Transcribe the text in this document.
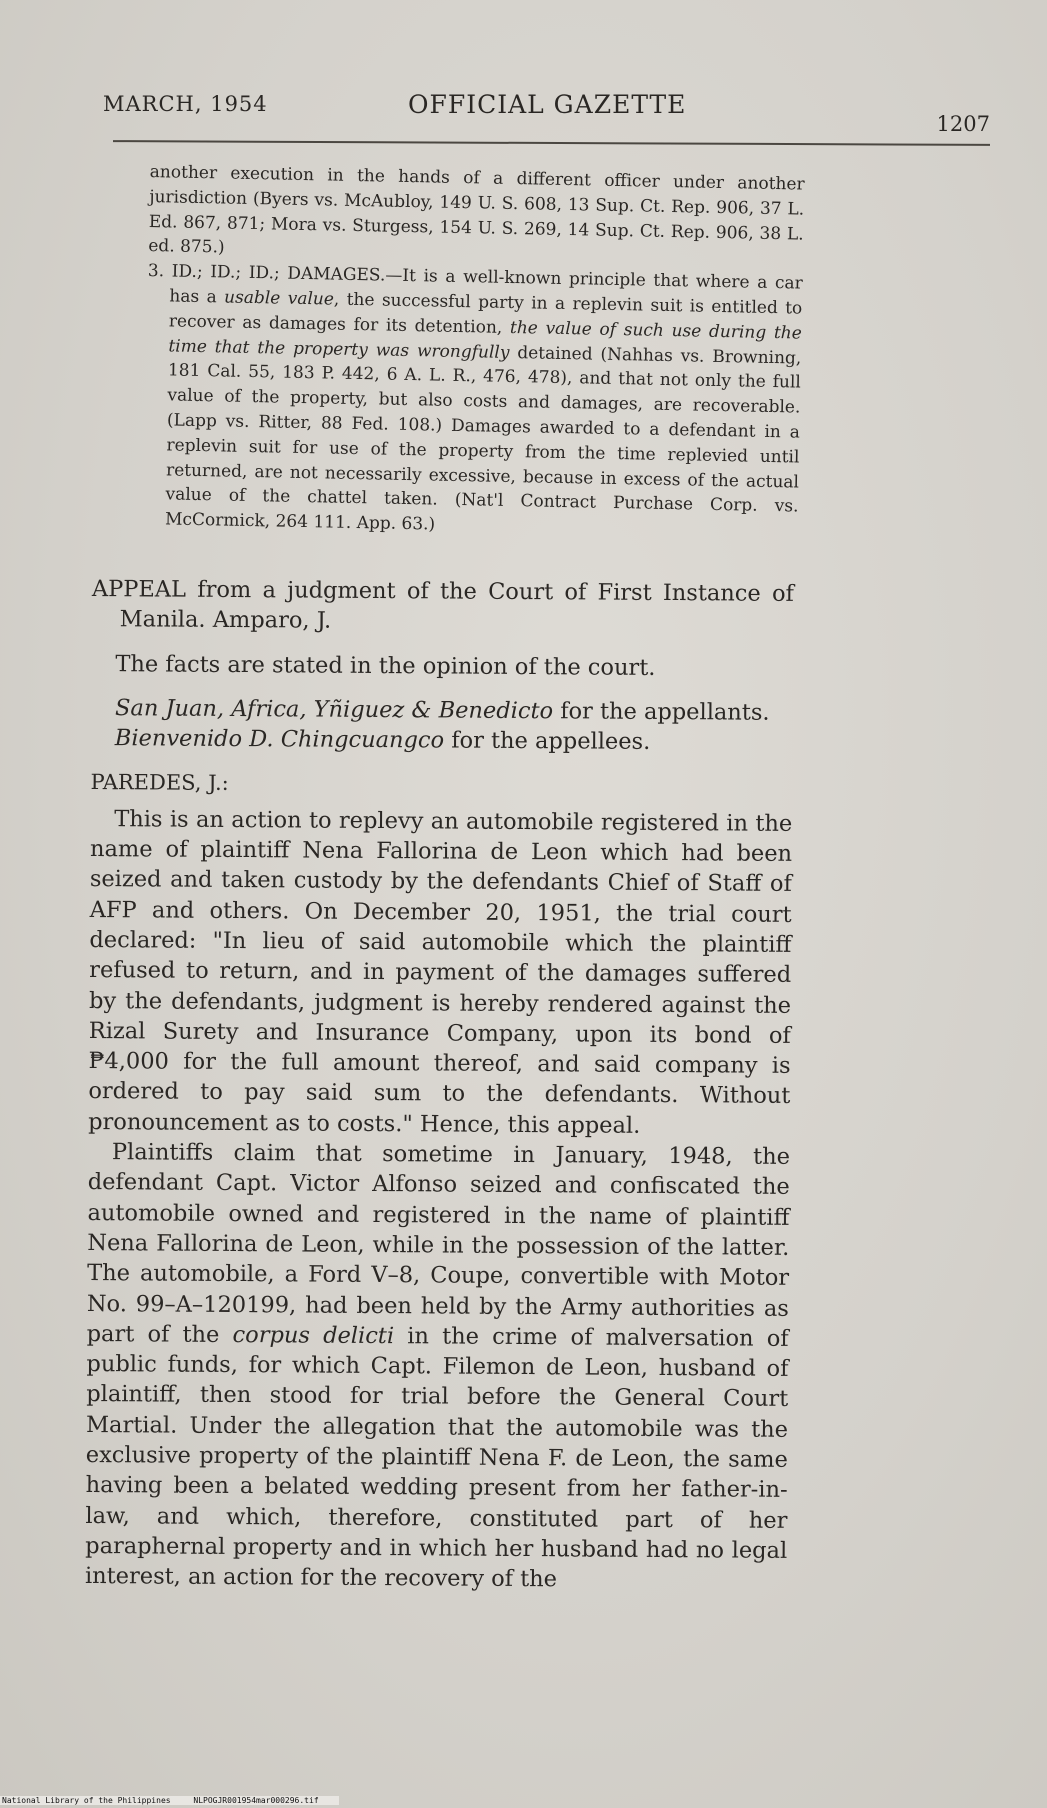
MARCH, 1954	OFFICIAL GAZETTE
1207

another execution in the hands of a different officer under another jurisdiction (Byers vs. McAubloy, 149 U. S. 608, 13 Sup. Ct. Rep. 906, 37 L. Ed. 867, 871; Mora vs. Sturgess, 154 U. S. 269, 14 Sup. Ct. Rep. 906, 38 L. ed. 875.)

3. ID.; ID.; ID.; DAMAGES.—It is a well-known principle that where a car has a usable value, the successful party in a replevin suit is entitled to recover as damages for its detention, the value of such use during the time that the property was wrongfully detained (Nahhas vs. Browning, 181 Cal. 55, 183 P. 442, 6 A. L. R., 476, 478), and that not only the full value of the property, but also costs and damages, are recoverable. (Lapp vs. Ritter, 88 Fed. 108.) Damages awarded to a defendant in a replevin suit for use of the property from the time replevied until returned, are not necessarily excessive, because in excess of the actual value of the chattel taken. (Nat'l Contract Purchase Corp. vs. McCormick, 264 111. App. 63.)

APPEAL from a judgment of the Court of First Instance of Manila. Amparo, J.

The facts are stated in the opinion of the court.

San Juan, Africa, Yñiguez & Benedicto for the appellants.

Bienvenido D. Chingcuangco for the appellees.

PAREDES, J.:

This is an action to replevy an automobile registered in the name of plaintiff Nena Fallorina de Leon which had been seized and taken custody by the defendants Chief of Staff of AFP and others. On December 20, 1951, the trial court declared: "In lieu of said automobile which the plaintiff refused to return, and in payment of the damages suffered by the defendants, judgment is hereby rendered against the Rizal Surety and Insurance Company, upon its bond of ₱4,000 for the full amount thereof, and said company is ordered to pay said sum to the defendants. Without pronouncement as to costs." Hence, this appeal.

Plaintiffs claim that sometime in January, 1948, the defendant Capt. Victor Alfonso seized and confiscated the automobile owned and registered in the name of plaintiff Nena Fallorina de Leon, while in the possession of the latter. The automobile, a Ford V–8, Coupe, convertible with Motor No. 99–A–120199, had been held by the Army authorities as part of the corpus delicti in the crime of malversation of public funds, for which Capt. Filemon de Leon, husband of plaintiff, then stood for trial before the General Court Martial. Under the allegation that the automobile was the exclusive property of the plaintiff Nena F. de Leon, the same having been a belated wedding present from her father-in-law, and which, therefore, constituted part of her paraphernal property and in which her husband had no legal interest, an action for the recovery of the

National Library of the Philippines	NLPOGJR001954mar000296.tif
